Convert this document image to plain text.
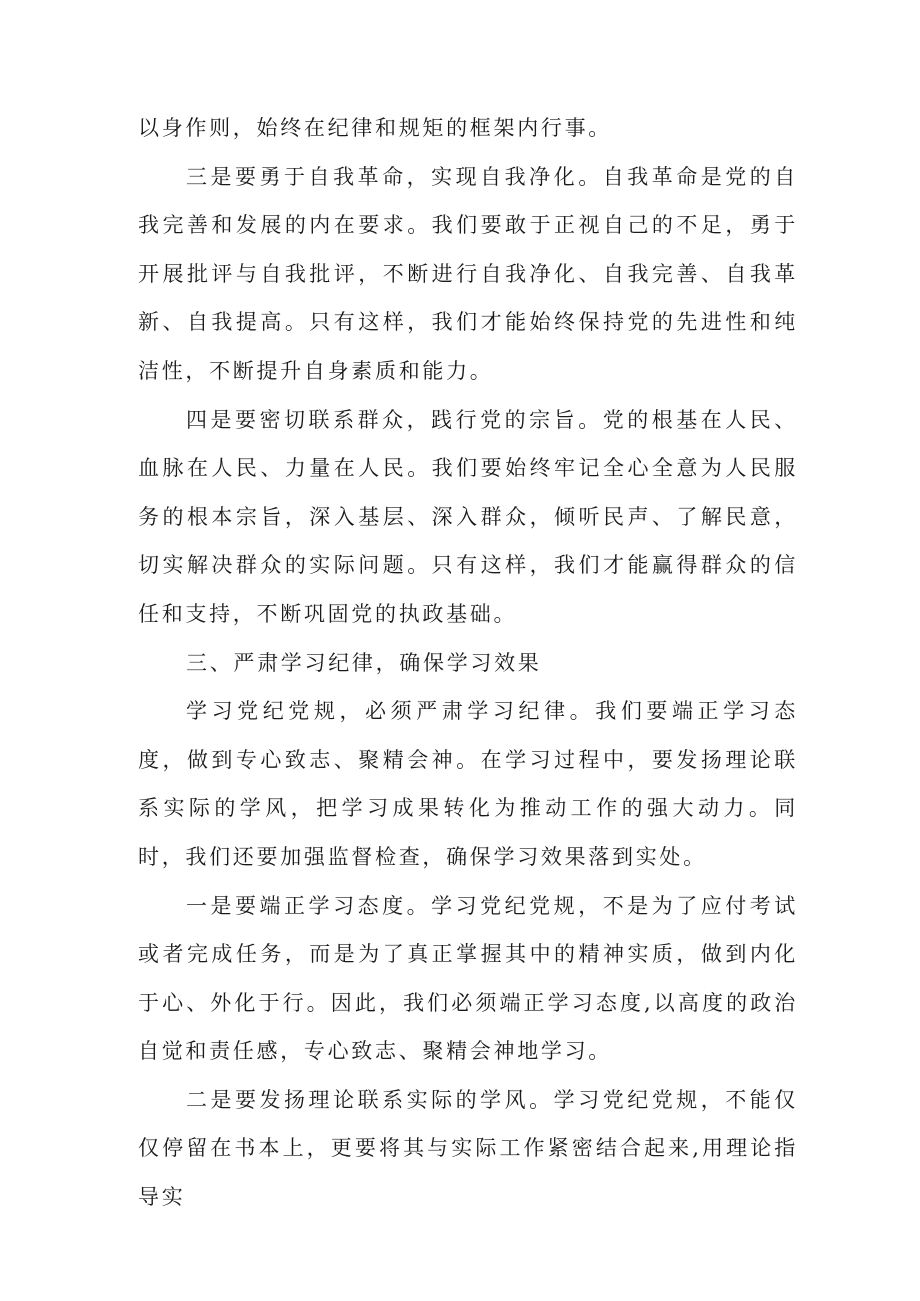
以身作则，始终在纪律和规矩的框架内行事。

三是要勇于自我革命，实现自我净化。自我革命是党的自我完善和发展的内在要求。我们要敢于正视自己的不足，勇于开展批评与自我批评，不断进行自我净化、自我完善、自我革新、自我提高。只有这样，我们才能始终保持党的先进性和纯洁性，不断提升自身素质和能力。

四是要密切联系群众，践行党的宗旨。党的根基在人民、血脉在人民、力量在人民。我们要始终牢记全心全意为人民服务的根本宗旨，深入基层、深入群众，倾听民声、了解民意，切实解决群众的实际问题。只有这样，我们才能赢得群众的信任和支持，不断巩固党的执政基础。

三、严肃学习纪律，确保学习效果

学习党纪党规，必须严肃学习纪律。我们要端正学习态度，做到专心致志、聚精会神。在学习过程中，要发扬理论联系实际的学风，把学习成果转化为推动工作的强大动力。同时，我们还要加强监督检查，确保学习效果落到实处。

一是要端正学习态度。学习党纪党规，不是为了应付考试或者完成任务，而是为了真正掌握其中的精神实质，做到内化于心、外化于行。因此，我们必须端正学习态度,以高度的政治自觉和责任感，专心致志、聚精会神地学习。

二是要发扬理论联系实际的学风。学习党纪党规，不能仅仅停留在书本上，更要将其与实际工作紧密结合起来,用理论指导实
